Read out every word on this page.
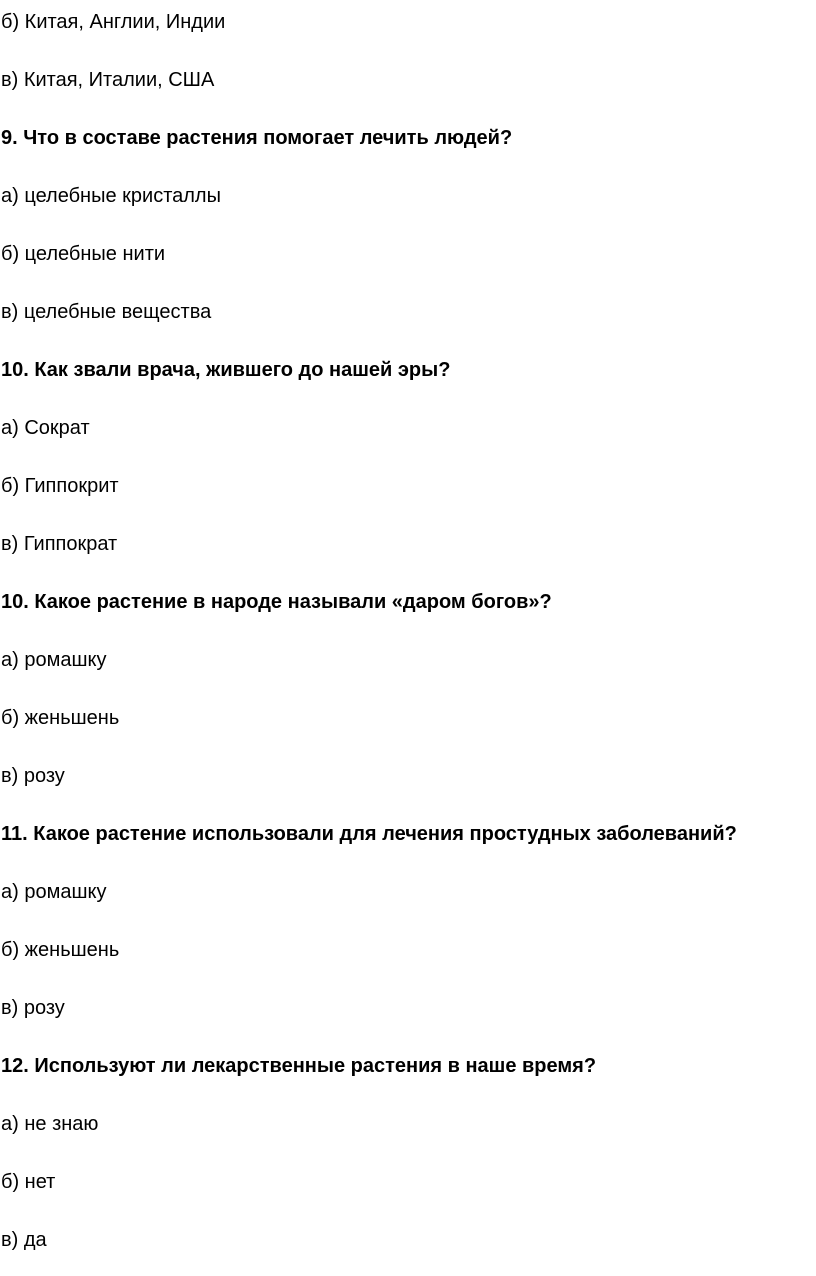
б) Китая, Англии, Индии
в) Китая, Италии, США
9. Что в составе растения помогает лечить людей?
а) целебные кристаллы
б) целебные нити
в) целебные вещества
10. Как звали врача, жившего до нашей эры?
а) Сократ
б) Гиппокрит
в) Гиппократ
10. Какое растение в народе называли «даром богов»?
а) ромашку
б) женьшень
в) розу
11. Какое растение использовали для лечения простудных заболеваний?
а) ромашку
б) женьшень
в) розу
12. Используют ли лекарственные растения в наше время?
а) не знаю
б) нет
в) да
